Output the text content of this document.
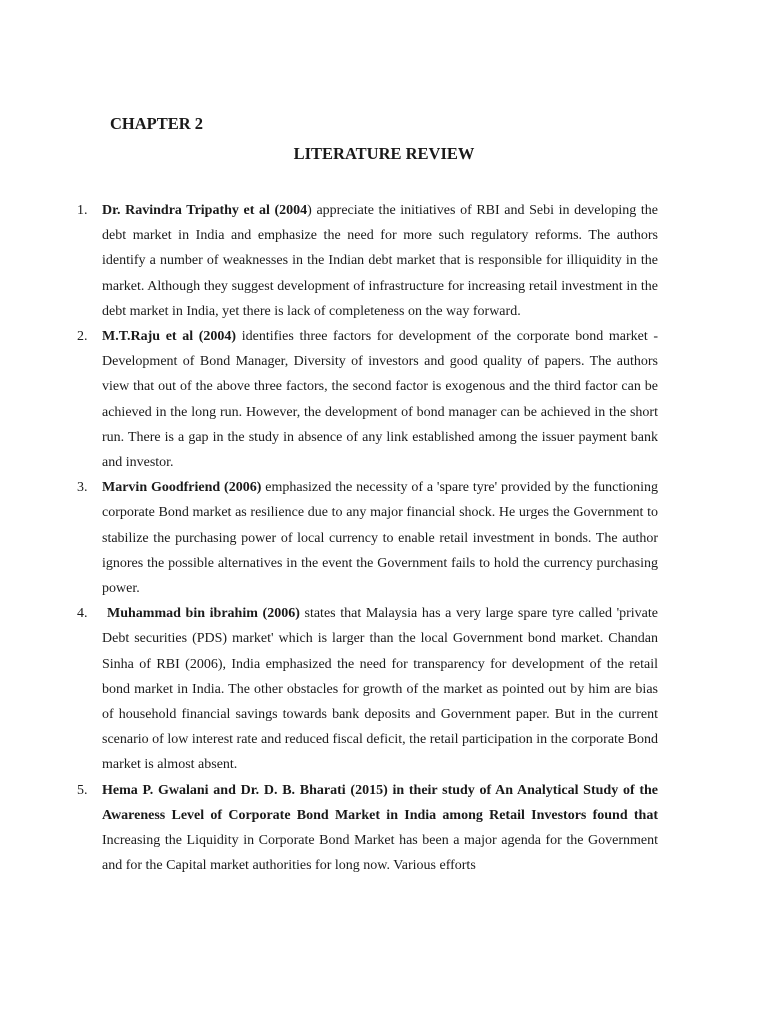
CHAPTER 2
LITERATURE REVIEW
1. Dr. Ravindra Tripathy et al (2004) appreciate the initiatives of RBI and Sebi in developing the debt market in India and emphasize the need for more such regulatory reforms. The authors identify a number of weaknesses in the Indian debt market that is responsible for illiquidity in the market. Although they suggest development of infrastructure for increasing retail investment in the debt market in India, yet there is lack of completeness on the way forward.

2. M.T.Raju et al (2004) identifies three factors for development of the corporate bond market - Development of Bond Manager, Diversity of investors and good quality of papers. The authors view that out of the above three factors, the second factor is exogenous and the third factor can be achieved in the long run. However, the development of bond manager can be achieved in the short run. There is a gap in the study in absence of any link established among the issuer payment bank and investor.

3. Marvin Goodfriend (2006) emphasized the necessity of a 'spare tyre' provided by the functioning corporate Bond market as resilience due to any major financial shock. He urges the Government to stabilize the purchasing power of local currency to enable retail investment in bonds. The author ignores the possible alternatives in the event the Government fails to hold the currency purchasing power.

4.	Muhammad bin ibrahim (2006) states that Malaysia has a very large spare tyre called 'private Debt securities (PDS) market' which is larger than the local Government bond market. Chandan Sinha of RBI (2006), India emphasized the need for transparency for development of the retail bond market in India. The other obstacles for growth of the market as pointed out by him are bias of household financial savings towards bank deposits and Government paper. But in the current scenario of low interest rate and reduced fiscal deficit, the retail participation in the corporate Bond market is almost absent.

5. Hema P. Gwalani and Dr. D. B. Bharati (2015) in their study of An Analytical Study of the Awareness Level of Corporate Bond Market in India among Retail Investors found that Increasing the Liquidity in Corporate Bond Market has been a major agenda for the Government and for the Capital market authorities for long now. Various efforts
